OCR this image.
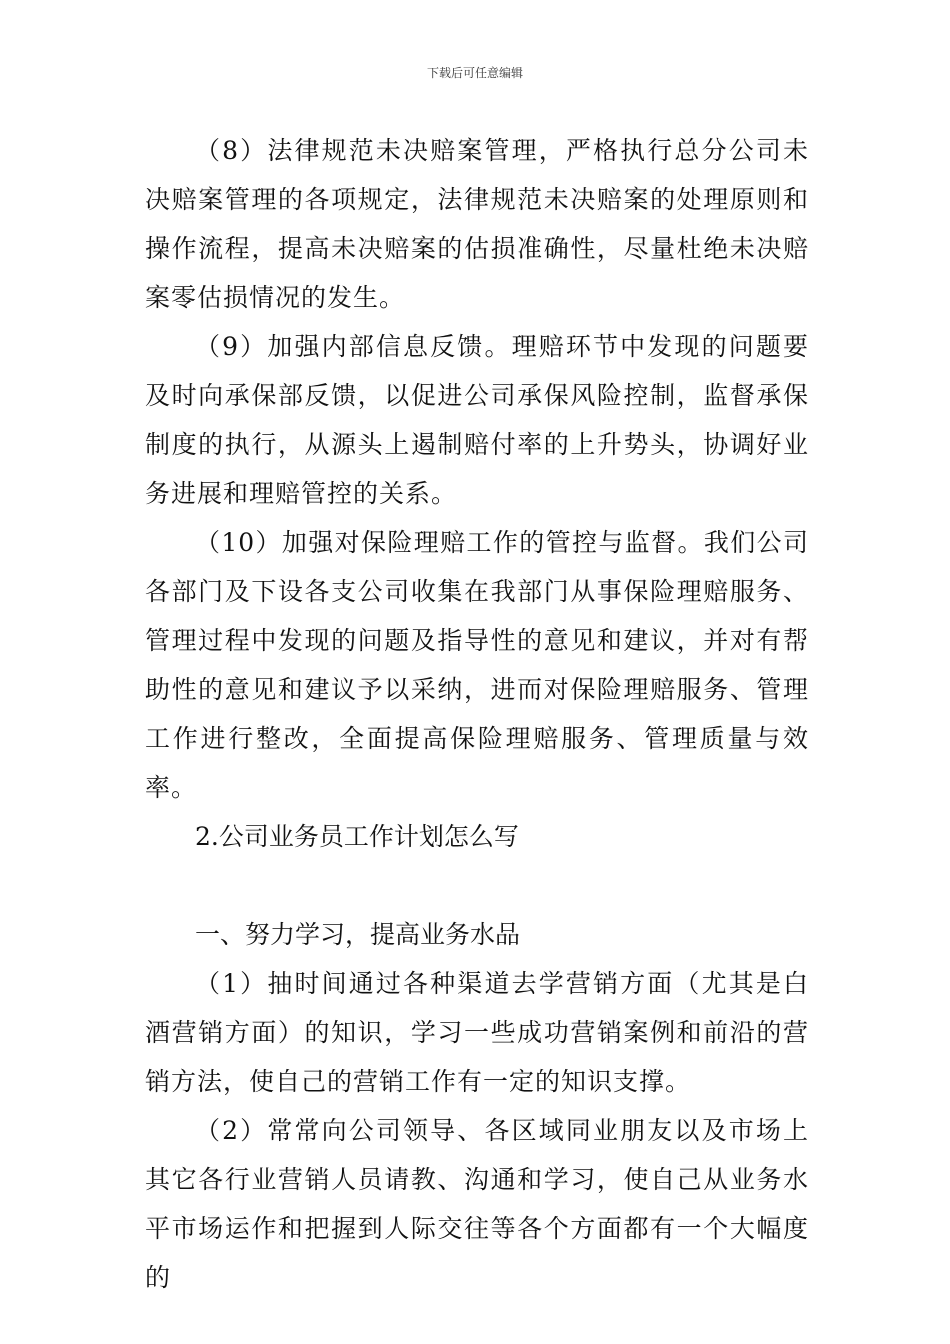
下载后可任意编辑

（8）法律规范未决赔案管理，严格执行总分公司未决赔案管理的各项规定，法律规范未决赔案的处理原则和操作流程，提高未决赔案的估损准确性，尽量杜绝未决赔案零估损情况的发生。

（9）加强内部信息反馈。理赔环节中发现的问题要及时向承保部反馈，以促进公司承保风险控制，监督承保制度的执行，从源头上遏制赔付率的上升势头，协调好业务进展和理赔管控的关系。

（10）加强对保险理赔工作的管控与监督。我们公司各部门及下设各支公司收集在我部门从事保险理赔服务、管理过程中发现的问题及指导性的意见和建议，并对有帮助性的意见和建议予以采纳，进而对保险理赔服务、管理工作进行整改，全面提高保险理赔服务、管理质量与效率。

2.公司业务员工作计划怎么写

一、努力学习，提高业务水品

（1）抽时间通过各种渠道去学营销方面（尤其是白酒营销方面）的知识，学习一些成功营销案例和前沿的营销方法，使自己的营销工作有一定的知识支撑。

（2）常常向公司领导、各区域同业朋友以及市场上其它各行业营销人员请教、沟通和学习，使自己从业务水平市场运作和把握到人际交往等各个方面都有一个大幅度的
